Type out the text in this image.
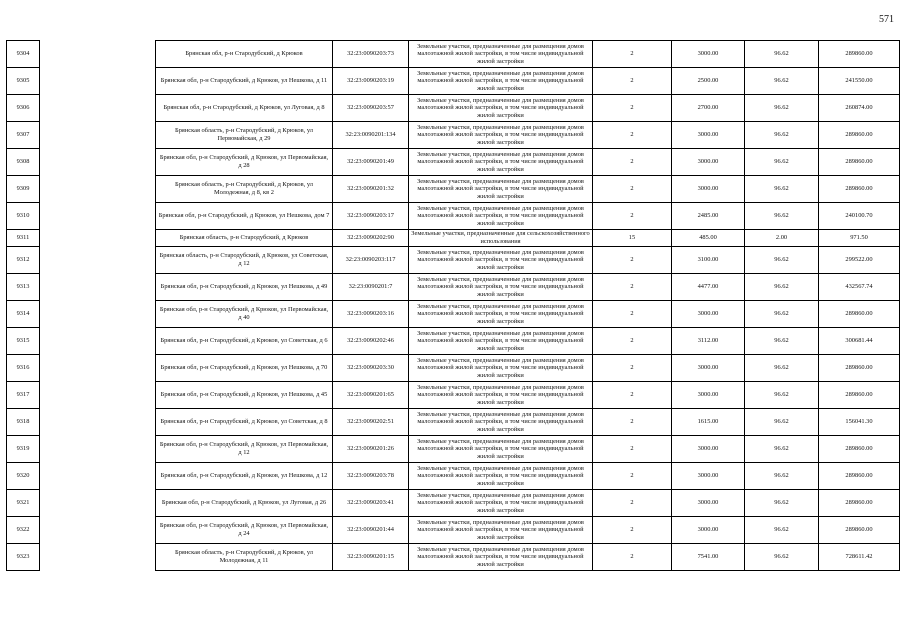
571
9304		Брянская обл, р-н Стародубский, д Крюков	32:23:0090203:73	Земельные участки, предназначенные для размещения домов малоэтажной жилой застройки, в том числе индивидуальной жилой застройки	2	3000.00	96.62	289860.00
9305		Брянская обл, р-н Стародубский, д Крюков, ул Нешкова, д 11	32:23:0090203:19	Земельные участки, предназначенные для размещения домов малоэтажной жилой застройки, в том числе индивидуальной жилой застройки	2	2500.00	96.62	241550.00
9306		Брянская обл, р-н Стародубский, д Крюков, ул Луговая, д 8	32:23:0090203:57	Земельные участки, предназначенные для размещения домов малоэтажной жилой застройки, в том числе индивидуальной жилой застройки	2	2700.00	96.62	260874.00
9307		Брянская область, р-н Стародубский, д Крюков, ул Первомайская, д 29	32:23:0090201:134	Земельные участки, предназначенные для размещения домов малоэтажной жилой застройки, в том числе индивидуальной жилой застройки	2	3000.00	96.62	289860.00
9308		Брянская обл, р-н Стародубский, д Крюков, ул Первомайская, д 28	32:23:0090201:49	Земельные участки, предназначенные для размещения домов малоэтажной жилой застройки, в том числе индивидуальной жилой застройки	2	3000.00	96.62	289860.00
9309		Брянская область, р-н Стародубский, д Крюков, ул Молодежная, д 8, кв 2	32:23:0090201:32	Земельные участки, предназначенные для размещения домов малоэтажной жилой застройки, в том числе индивидуальной жилой застройки	2	3000.00	96.62	289860.00
9310		Брянская обл, р-н Стародубский, д Крюков, ул Нешкова, дом 7	32:23:0090203:17	Земельные участки, предназначенные для размещения домов малоэтажной жилой застройки, в том числе индивидуальной жилой застройки	2	2485.00	96.62	240100.70
9311		Брянская область, р-н Стародубский, д Крюков	32:23:0090202:90	Земельные участки, предназначенные для сельскохозяйственного использования	15	485.00	2.00	971.50
9312		Брянская область, р-н Стародубский, д Крюков, ул Советская, д 12	32:23:0090203:117	Земельные участки, предназначенные для размещения домов малоэтажной жилой застройки, в том числе индивидуальной жилой застройки	2	3100.00	96.62	299522.00
9313		Брянская обл, р-н Стародубский, д Крюков, ул Нешкова, д 49	32:23:0090201:7	Земельные участки, предназначенные для размещения домов малоэтажной жилой застройки, в том числе индивидуальной жилой застройки	2	4477.00	96.62	432567.74
9314		Брянская обл, р-н Стародубский, д Крюков, ул Первомайская, д 40	32:23:0090203:16	Земельные участки, предназначенные для размещения домов малоэтажной жилой застройки, в том числе индивидуальной жилой застройки	2	3000.00	96.62	289860.00
9315		Брянская обл, р-н Стародубский, д Крюков, ул Советская, д 6	32:23:0090202:46	Земельные участки, предназначенные для размещения домов малоэтажной жилой застройки, в том числе индивидуальной жилой застройки	2	3112.00	96.62	300681.44
9316		Брянская обл, р-н Стародубский, д Крюков, ул Нешкова, д 70	32:23:0090203:30	Земельные участки, предназначенные для размещения домов малоэтажной жилой застройки, в том числе индивидуальной жилой застройки	2	3000.00	96.62	289860.00
9317		Брянская обл, р-н Стародубский, д Крюков, ул Нешкова, д 45	32:23:0090201:65	Земельные участки, предназначенные для размещения домов малоэтажной жилой застройки, в том числе индивидуальной жилой застройки	2	3000.00	96.62	289860.00
9318		Брянская обл, р-н Стародубский, д Крюков, ул Советская, д 8	32:23:0090202:51	Земельные участки, предназначенные для размещения домов малоэтажной жилой застройки, в том числе индивидуальной жилой застройки	2	1615.00	96.62	156041.30
9319		Брянская обл, р-н Стародубский, д Крюков, ул Первомайская, д 12	32:23:0090201:26	Земельные участки, предназначенные для размещения домов малоэтажной жилой застройки, в том числе индивидуальной жилой застройки	2	3000.00	96.62	289860.00
9320		Брянская обл, р-н Стародубский, д Крюков, ул Нешкова, д 12	32:23:0090203:78	Земельные участки, предназначенные для размещения домов малоэтажной жилой застройки, в том числе индивидуальной жилой застройки	2	3000.00	96.62	289860.00
9321		Брянская обл, р-н Стародубский, д Крюков, ул Луговая, д 26	32:23:0090203:41	Земельные участки, предназначенные для размещения домов малоэтажной жилой застройки, в том числе индивидуальной жилой застройки	2	3000.00	96.62	289860.00
9322		Брянская обл, р-н Стародубский, д Крюков, ул Первомайская, д 24	32:23:0090201:44	Земельные участки, предназначенные для размещения домов малоэтажной жилой застройки, в том числе индивидуальной жилой застройки	2	3000.00	96.62	289860.00
9323		Брянская область, р-н Стародубский, д Крюков, ул Молодежная, д 11	32:23:0090201:15	Земельные участки, предназначенные для размещения домов малоэтажной жилой застройки, в том числе индивидуальной жилой застройки	2	7541.00	96.62	728611.42
